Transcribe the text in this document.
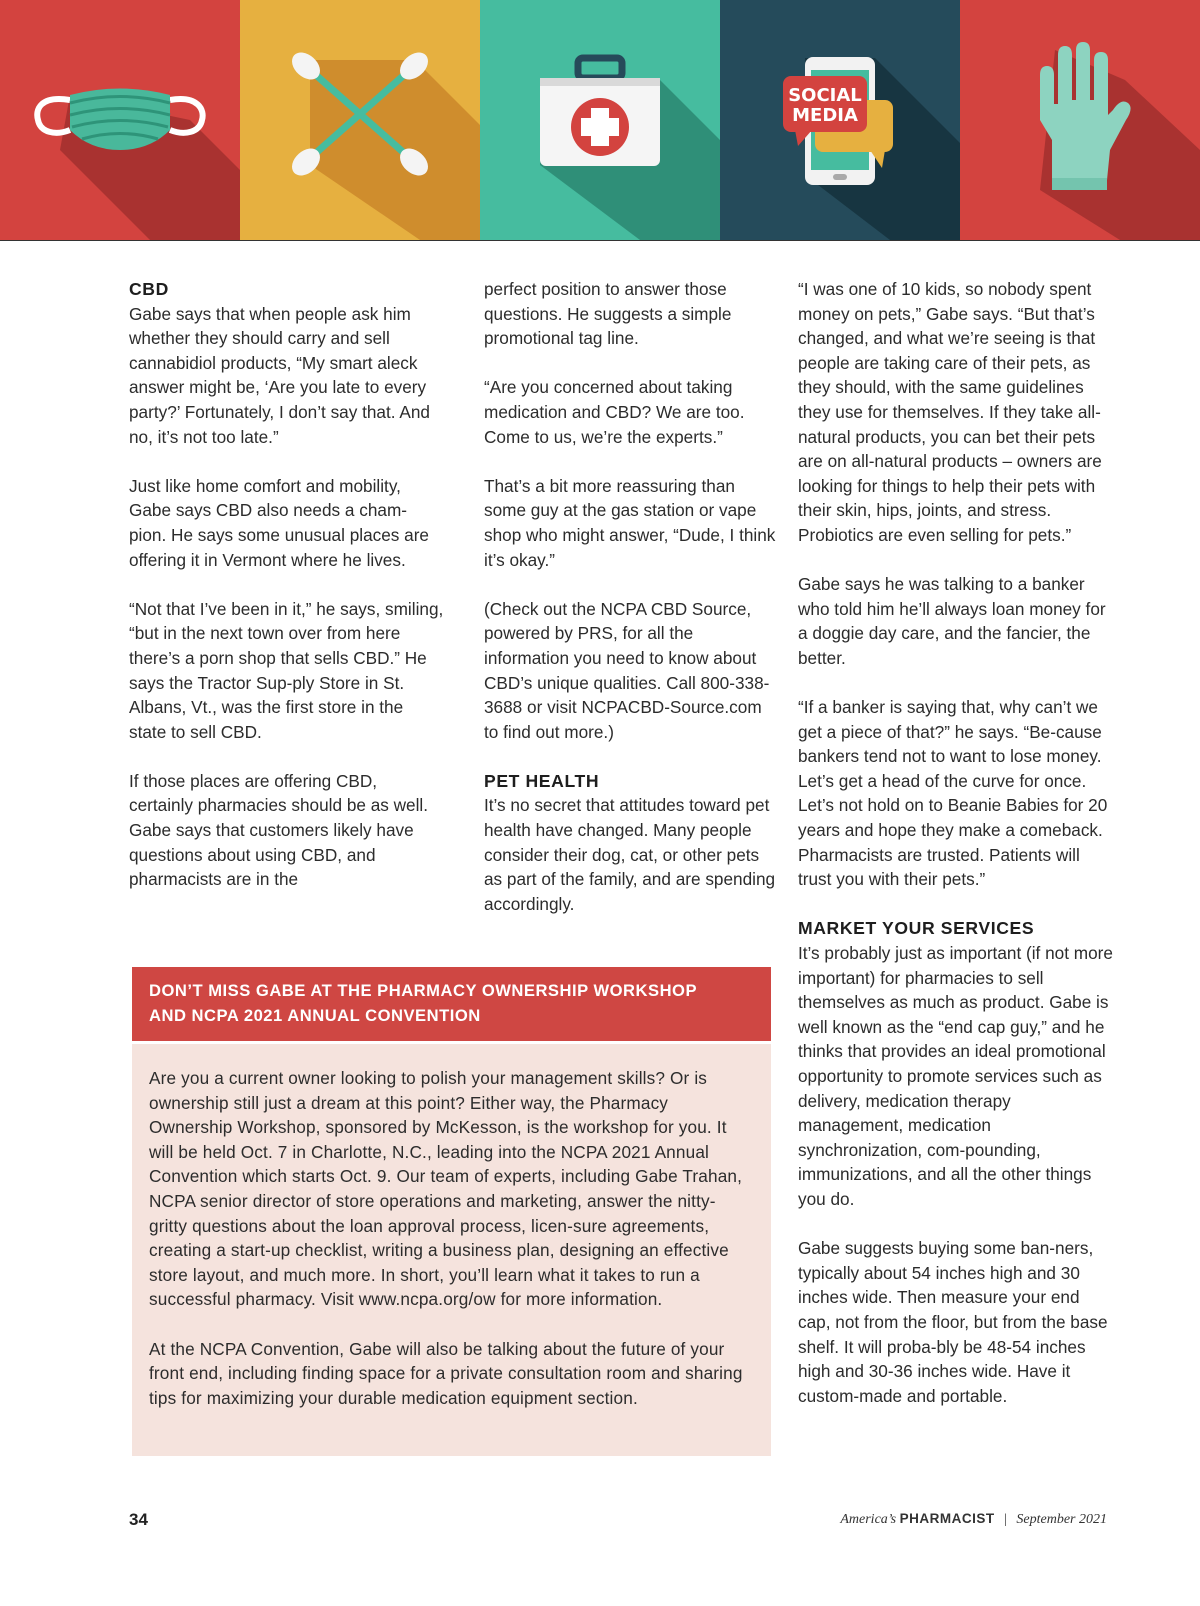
SOCIAL
MEDIA
CBD

Gabe says that when people ask him whether they should carry and sell cannabidiol products, “My smart aleck answer might be, ‘Are you late to every party?’ Fortunately, I don’t say that. And no, it’s not too late.”

Just like home comfort and mobility, Gabe says CBD also needs a cham-pion. He says some unusual places are offering it in Vermont where he lives.

“Not that I’ve been in it,” he says, smiling, “but in the next town over from here there’s a porn shop that sells CBD.” He says the Tractor Sup-ply Store in St. Albans, Vt., was the first store in the state to sell CBD.

If those places are offering CBD, certainly pharmacies should be as well. Gabe says that customers likely have questions about using CBD, and pharmacists are in the

perfect position to answer those questions. He suggests a simple promotional tag line.

“Are you concerned about taking medication and CBD? We are too. Come to us, we’re the experts.”

That’s a bit more reassuring than some guy at the gas station or vape shop who might answer, “Dude, I think it’s okay.”

(Check out the NCPA CBD Source, powered by PRS, for all the information you need to know about CBD’s unique qualities. Call 800-338-3688 or visit NCPACBD-Source.com to find out more.)

PET HEALTH

It’s no secret that attitudes toward pet health have changed. Many people consider their dog, cat, or other pets as part of the family, and are spending accordingly.

“I was one of 10 kids, so nobody spent money on pets,” Gabe says. “But that’s changed, and what we’re seeing is that people are taking care of their pets, as they should, with the same guidelines they use for themselves. If they take all-natural products, you can bet their pets are on all-natural products – owners are looking for things to help their pets with their skin, hips, joints, and stress. Probiotics are even selling for pets.”

Gabe says he was talking to a banker who told him he’ll always loan money for a doggie day care, and the fancier, the better.

“If a banker is saying that, why can’t we get a piece of that?” he says. “Be-cause bankers tend not to want to lose money. Let’s get a head of the curve for once. Let’s not hold on to Beanie Babies for 20 years and hope they make a comeback. Pharmacists are trusted. Patients will trust you with their pets.”

MARKET YOUR SERVICES

It’s probably just as important (if not more important) for pharmacies to sell themselves as much as product. Gabe is well known as the “end cap guy,” and he thinks that provides an ideal promotional opportunity to promote services such as delivery, medication therapy management, medication synchronization, com-pounding, immunizations, and all the other things you do.

Gabe suggests buying some ban-ners, typically about 54 inches high and 30 inches wide. Then measure your end cap, not from the floor, but from the base shelf. It will proba-bly be 48-54 inches high and 30-36 inches wide. Have it custom-made and portable.

DON’T MISS GABE AT THE PHARMACY OWNERSHIP WORKSHOP
AND NCPA 2021 ANNUAL CONVENTION

Are you a current owner looking to polish your management skills? Or is ownership still just a dream at this point? Either way, the Pharmacy Ownership Workshop, sponsored by McKesson, is the workshop for you. It will be held Oct. 7 in Charlotte, N.C., leading into the NCPA 2021 Annual Convention which starts Oct. 9. Our team of experts, including Gabe Trahan, NCPA senior director of store operations and marketing, answer the nitty-gritty questions about the loan approval process, licen-sure agreements, creating a start-up checklist, writing a business plan, designing an effective store layout, and much more. In short, you’ll learn what it takes to run a successful pharmacy. Visit www.ncpa.org/ow for more information.

At the NCPA Convention, Gabe will also be talking about the future of your front end, including finding space for a private consultation room and sharing tips for maximizing your durable medication equipment section.

34	America’s PHARMACIST | September 2021
